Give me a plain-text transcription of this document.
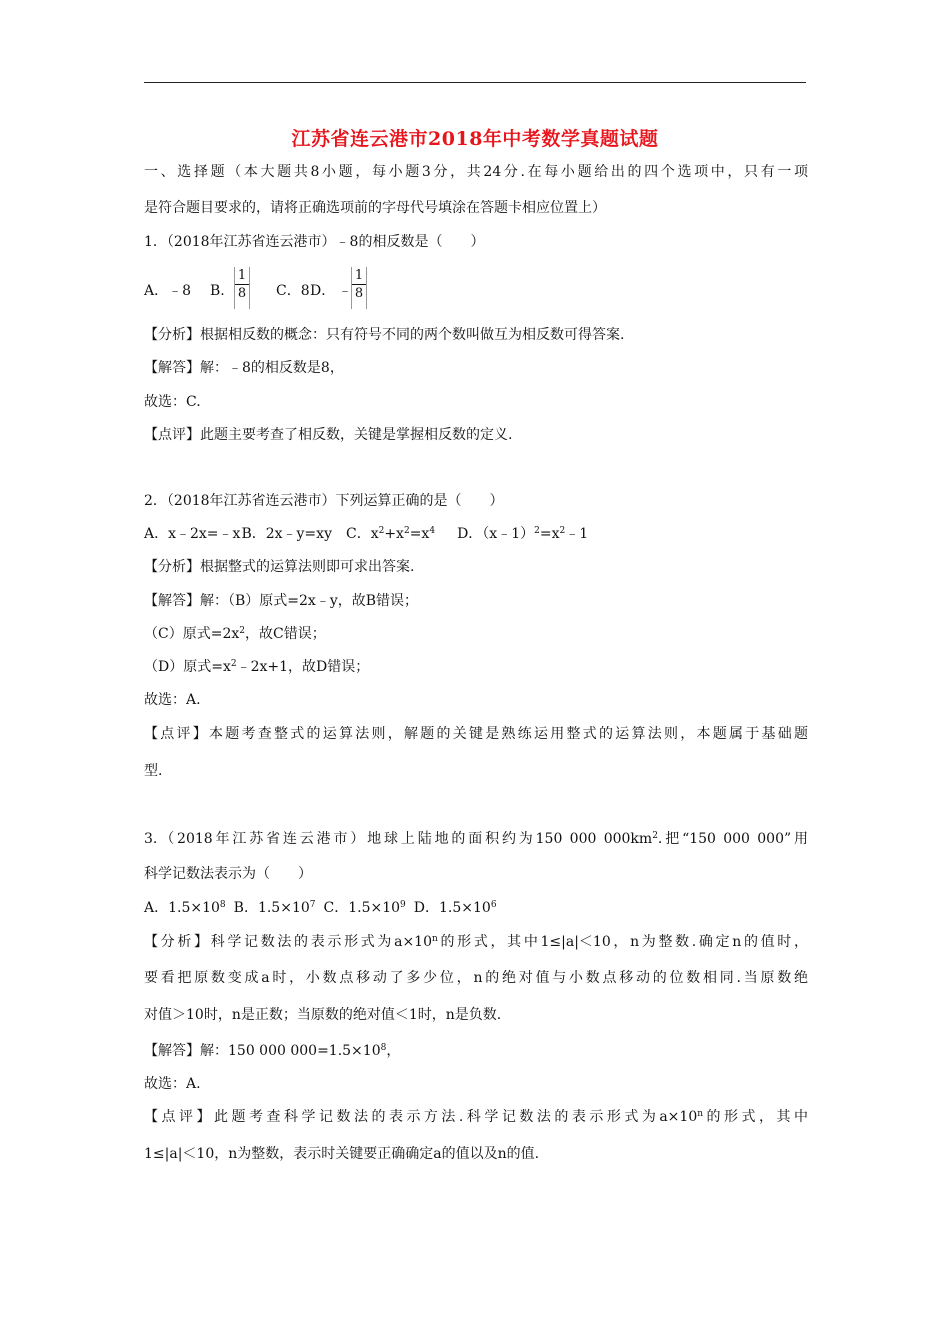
江苏省连云港市2018年中考数学真题试题
一、选择题（本大题共8小题，每小题3分，共24分.在每小题给出的四个选项中，只有一项
是符合题目要求的，请将正确选项前的字母代号填涂在答题卡相应位置上）
1．（2018年江苏省连云港市）﹣8的相反数是（　　）
A．﹣8 B.
1
8 C．8 D． ﹣
1
8
【分析】根据相反数的概念：只有符号不同的两个数叫做互为相反数可得答案.
【解答】解：﹣8的相反数是8，
故选：C.
【点评】此题主要考查了相反数，关键是掌握相反数的定义.
2．（2018年江苏省连云港市）下列运算正确的是（　　）
A．x﹣2x=﹣xB．2x﹣y=xy C．$x^2+x^2=x^4$ D．$(x﹣1)^2=x^2﹣1$
【分析】根据整式的运算法则即可求出答案.
【解答】解：（B）原式=2x﹣y，故B错误；
（C）原式$=2x^2$，故C错误；
（D）原式$=x^2﹣2x+1$，故D错误；
故选：A.
【点评】本题考查整式的运算法则，解题的关键是熟练运用整式的运算法则，本题属于基础题
型.
3.（2018年江苏省连云港市）地球上陆地的面积约为150 000 $000km^2$.把“150 000 000”用
科学记数法表示为（　　）
A．$1.5\times 10^8$ B．$1.5\times 10^7$ C．$1.5\times 10^9$ D．$1.5\times 10^6$
【分析】科学记数法的表示形式为$a\times 10^n$的形式，其中1≤|a|＜10，n为整数.确定n的值时，
要看把原数变成a时，小数点移动了多少位，n的绝对值与小数点移动的位数相同.当原数绝
对值＞10时，n是正数；当原数的绝对值＜1时，n是负数.
【解答】解：150 000 $000=1.5\times 10^8$，
故选：A.
【点评】此题考查科学记数法的表示方法.科学记数法的表示形式为$a\times 10^n$的形式，其中
1≤|a|＜10，n为整数，表示时关键要正确确定a的值以及n的值.
